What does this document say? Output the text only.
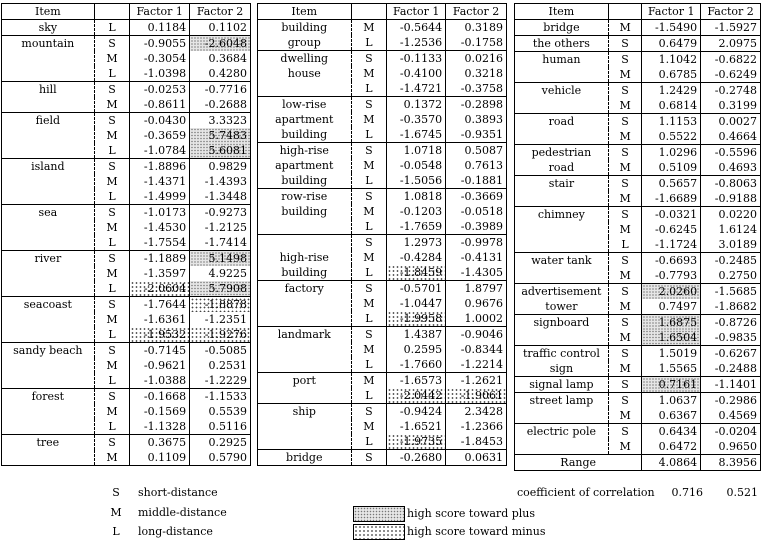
Item		Factor 1	Factor 2
sky	L	0.1184	0.1102
mountain	S	-0.9055	-2.6048
	M	-0.3054	0.3684
	L	-1.0398	0.4280
hill	S	-0.0253	-0.7716
	M	-0.8611	-0.2688
field	S	-0.0430	3.3323
	M	-0.3659	5.7483
	L	-1.0784	5.6081
island	S	-1.8896	0.9829
	M	-1.4371	-1.4393
	L	-1.4999	-1.3448
sea	S	-1.0173	-0.9273
	M	-1.4530	-1.2125
	L	-1.7554	-1.7414
river	S	-1.1889	5.1498
	M	-1.3597	4.9225
	L	-2.0604	5.7908
seacoast	S	-1.7644	-1.8878
	M	-1.6361	-1.2351
	L	-1.9532	-1.9276
sandy beach	S	-0.7145	-0.5085
	M	-0.9621	0.2531
	L	-1.0388	-1.2229
forest	S	-0.1668	-1.1533
	M	-0.1569	0.5539
	L	-1.1328	0.5116
tree	S	0.3675	0.2925
	M	0.1109	0.5790
Item		Factor 1	Factor 2
building	M	-0.5644	0.3189
group	L	-1.2536	-0.1758
dwelling	S	-0.1133	0.0216
house	M	-0.4100	0.3218
	L	-1.4721	-0.3758
low-rise	S	0.1372	-0.2898
apartment	M	-0.3570	0.3893
building	L	-1.6745	-0.9351
high-rise	S	1.0718	0.5087
apartment	M	-0.0548	0.7613
building	L	-1.5056	-0.1881
row-rise	S	1.0818	-0.3669
building	M	-0.1203	-0.0518
	L	-1.7659	-0.3989
	S	1.2973	-0.9978
high-rise	M	-0.4284	-0.4131
building	L	-1.8459	-1.4305
factory	S	-0.5701	1.8797
	M	-1.0447	0.9676
	L	-1.9958	1.0002
landmark	S	1.4387	-0.9046
	M	0.2595	-0.8344
	L	-1.7660	-1.2214
port	M	-1.6573	-1.2621
	L	-2.0442	-1.9061
ship	S	-0.9424	2.3428
	M	-1.6521	-1.2366
	L	-1.9735	-1.8453
bridge	S	-0.2680	0.0631
Item		Factor 1	Factor 2
bridge	M	-1.5490	-1.5927
the others	S	0.6479	2.0975
human	S	1.1042	-0.6822
	M	0.6785	-0.6249
vehicle	S	1.2429	-0.2748
	M	0.6814	0.3199
road	S	1.1153	0.0027
	M	0.5522	0.4664
pedestrian	S	1.0296	-0.5596
road	M	0.5109	0.4693
stair	S	0.5657	-0.8063
	M	-1.6689	-0.9188
chimney	S	-0.0321	0.0220
	M	-0.6245	1.6124
	L	-1.1724	3.0189
water tank	S	-0.6693	-0.2485
	M	-0.7793	0.2750
advertisement	S	2.0260	-1.5685
tower	M	0.7497	-1.8682
signboard	S	1.6875	-0.8726
	M	1.6504	-0.9835
traffic control	S	1.5019	-0.6267
sign	M	1.5565	-0.2488
signal lamp	S	0.7161	-1.1401
street lamp	S	1.0637	-0.2986
	M	0.6367	0.4569
electric pole	S	0.6434	-0.0204
	M	0.6472	0.9650
Range		4.0864	8.3956
coefficient of correlation 0.716 0.521
S	short-distance
M	middle-distance
L	long-distance
high score toward plus
high score toward minus
